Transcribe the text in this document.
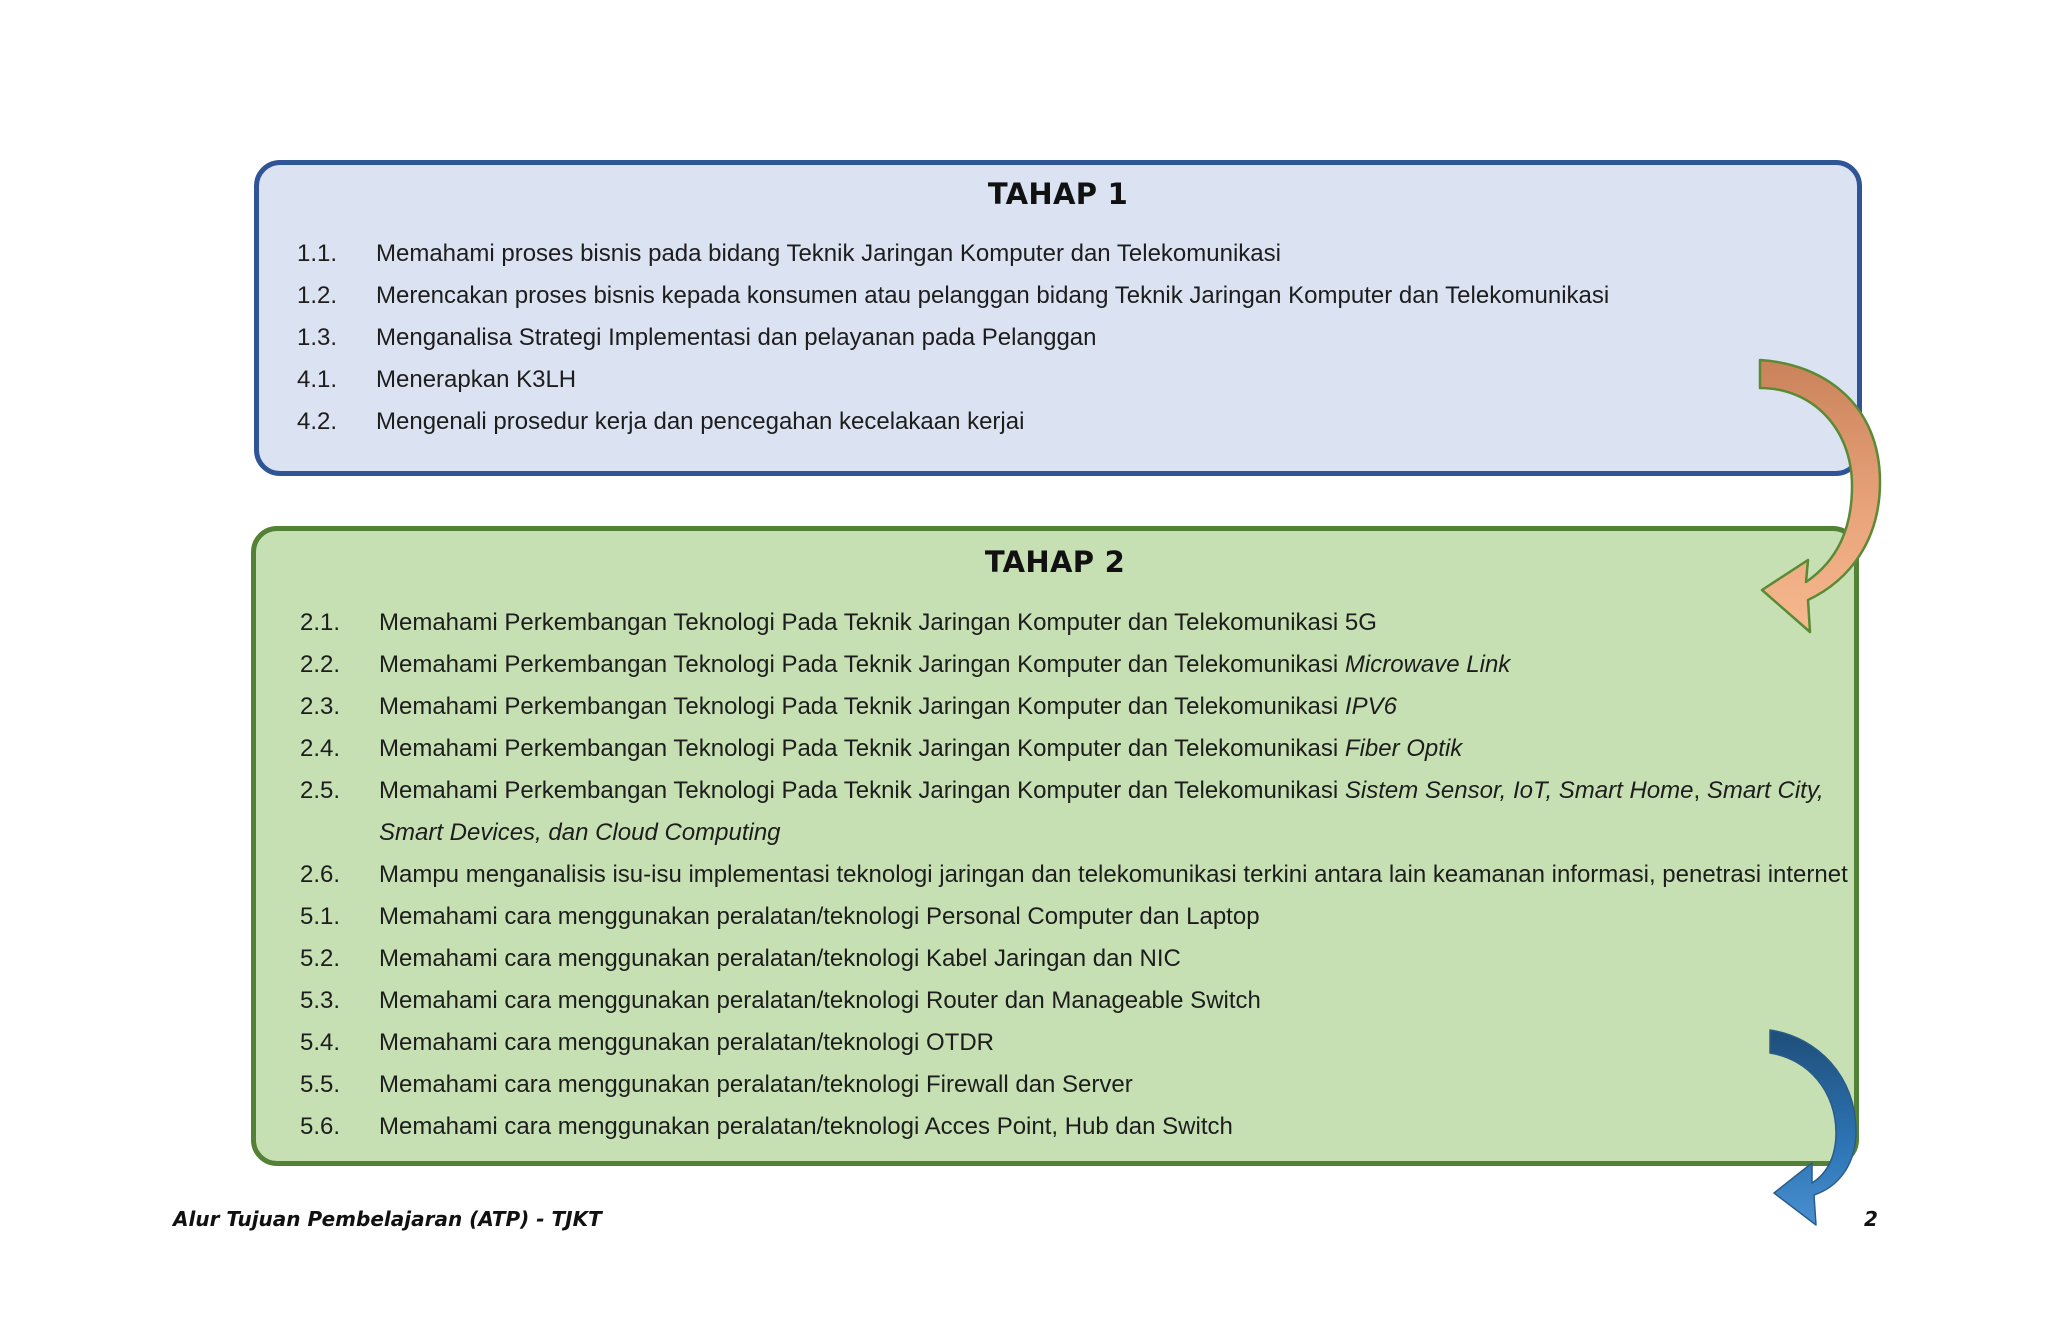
TAHAP 1
1.1. Memahami proses bisnis pada bidang Teknik Jaringan Komputer dan Telekomunikasi
1.2. Merencakan proses bisnis kepada konsumen atau pelanggan bidang Teknik Jaringan Komputer dan Telekomunikasi
1.3. Menganalisa Strategi Implementasi dan pelayanan pada Pelanggan
4.1. Menerapkan K3LH
4.2. Mengenali prosedur kerja dan pencegahan kecelakaan kerjai
TAHAP 2
2.1. Memahami Perkembangan Teknologi Pada Teknik Jaringan Komputer dan Telekomunikasi 5G
2.2. Memahami Perkembangan Teknologi Pada Teknik Jaringan Komputer dan Telekomunikasi Microwave Link
2.3. Memahami Perkembangan Teknologi Pada Teknik Jaringan Komputer dan Telekomunikasi IPV6
2.4. Memahami Perkembangan Teknologi Pada Teknik Jaringan Komputer dan Telekomunikasi Fiber Optik
2.5. Memahami Perkembangan Teknologi Pada Teknik Jaringan Komputer dan Telekomunikasi Sistem Sensor, IoT, Smart Home, Smart City,
Smart Devices, dan Cloud Computing
2.6. Mampu menganalisis isu-isu implementasi teknologi jaringan dan telekomunikasi terkini antara lain keamanan informasi, penetrasi internet
5.1. Memahami cara menggunakan peralatan/teknologi Personal Computer dan Laptop
5.2. Memahami cara menggunakan peralatan/teknologi Kabel Jaringan dan NIC
5.3. Memahami cara menggunakan peralatan/teknologi Router dan Manageable Switch
5.4. Memahami cara menggunakan peralatan/teknologi OTDR
5.5. Memahami cara menggunakan peralatan/teknologi Firewall dan Server
5.6. Memahami cara menggunakan peralatan/teknologi Acces Point, Hub dan Switch
Alur Tujuan Pembelajaran (ATP) - TJKT	2
